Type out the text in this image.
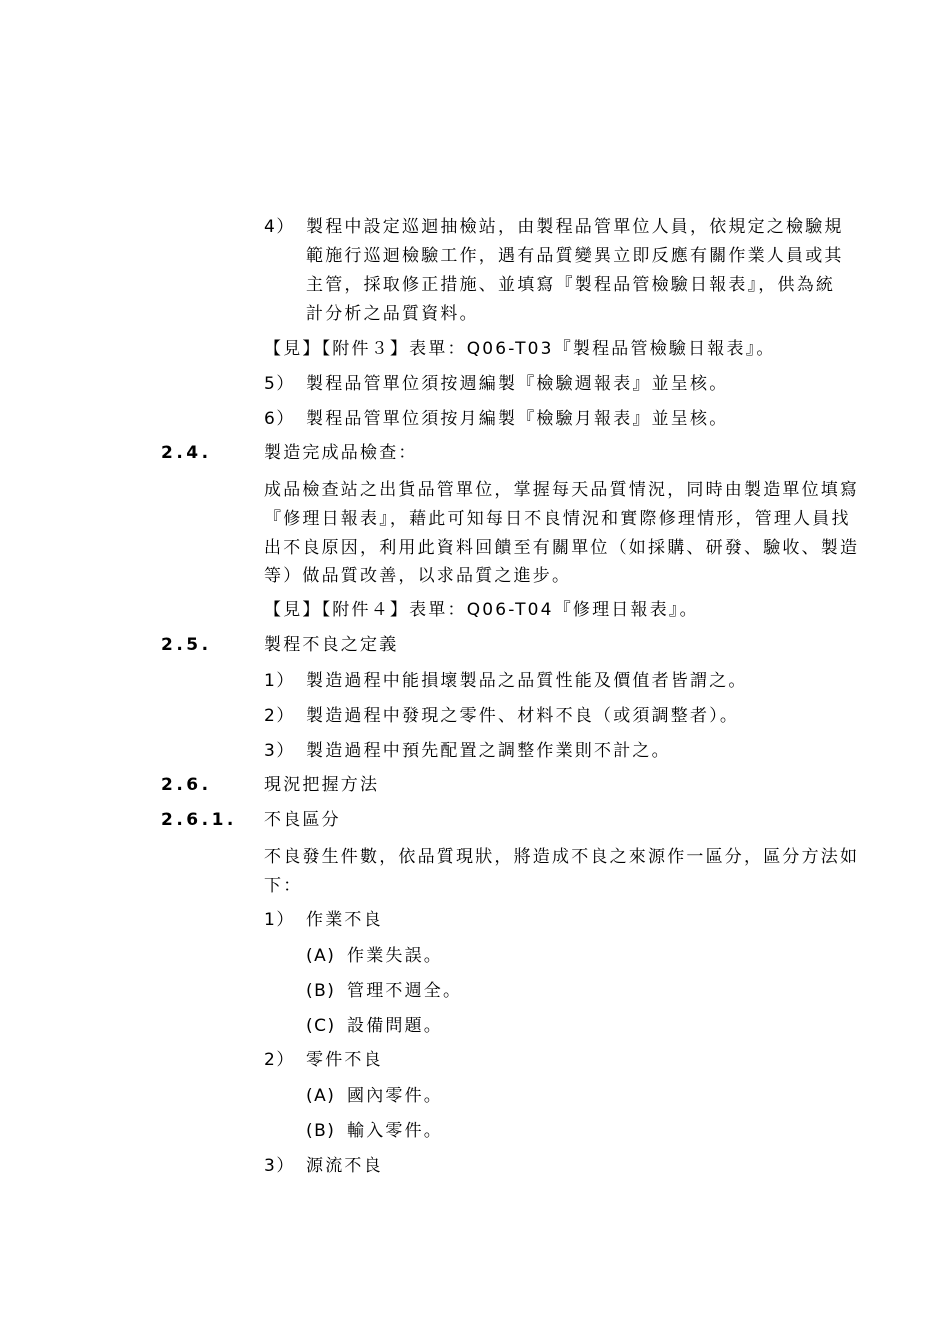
4） 製程中設定巡迴抽檢站，由製程品管單位人員，依規定之檢驗規
範施行巡迴檢驗工作，遇有品質變異立即反應有關作業人員或其
主管，採取修正措施、並填寫『製程品管檢驗日報表』，供為統
計分析之品質資料。
【見】【附件３】表單：Q06-T03『製程品管檢驗日報表』。
5） 製程品管單位須按週編製『檢驗週報表』並呈核。
6） 製程品管單位須按月編製『檢驗月報表』並呈核。
2.4.	製造完成品檢查：
成品檢查站之出貨品管單位，掌握每天品質情況，同時由製造單位填寫
『修理日報表』，藉此可知每日不良情況和實際修理情形，管理人員找
出不良原因，利用此資料回饋至有關單位（如採購、研發、驗收、製造
等）做品質改善，以求品質之進步。
【見】【附件４】表單：Q06-T04『修理日報表』。
2.5.	製程不良之定義
1） 製造過程中能損壞製品之品質性能及價值者皆謂之。
2） 製造過程中發現之零件、材料不良（或須調整者）。
3） 製造過程中預先配置之調整作業則不計之。
2.6.	現況把握方法
2.6.1. 不良區分
不良發生件數，依品質現狀，將造成不良之來源作一區分，區分方法如
下：
1） 作業不良
(A) 作業失誤。
(B) 管理不週全。
(C) 設備問題。
2） 零件不良
(A) 國內零件。
(B) 輸入零件。
3） 源流不良
